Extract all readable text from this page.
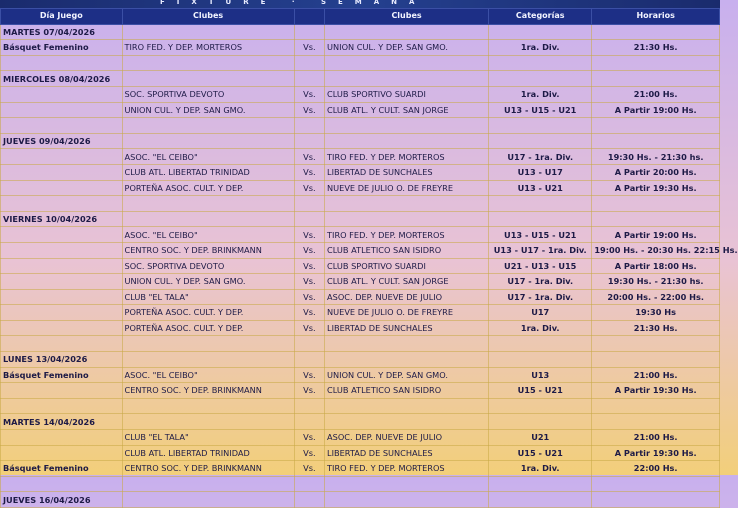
FIXTURE · SEMANA
Día Juego	Clubes		Clubes	Categorías	Horarios
MARTES 07/04/2026					
Básquet Femenino	TIRO FED. Y DEP. MORTEROS	Vs.	UNION CUL. Y DEP. SAN GMO.	1ra. Div.	21:30 Hs.

MIERCOLES 08/04/2026					
	SOC. SPORTIVA DEVOTO	Vs.	CLUB SPORTIVO SUARDI	1ra. Div.	21:00 Hs.
	UNION CUL. Y DEP. SAN GMO.	Vs.	CLUB ATL. Y CULT. SAN JORGE	U13 - U15 - U21	A Partir 19:00 Hs.

JUEVES 09/04/2026					
	ASOC. "EL CEIBO"	Vs.	TIRO FED. Y DEP. MORTEROS	U17 - 1ra. Div.	19:30 Hs. - 21:30 hs.
	CLUB ATL. LIBERTAD TRINIDAD	Vs.	LIBERTAD DE SUNCHALES	U13 - U17	A Partir 20:00 Hs.
	PORTEÑA ASOC. CULT. Y DEP.	Vs.	NUEVE DE JULIO O. DE FREYRE	U13 - U21	A Partir 19:30 Hs.

VIERNES 10/04/2026					
	ASOC. "EL CEIBO"	Vs.	TIRO FED. Y DEP. MORTEROS	U13 - U15 - U21	A Partir 19:00 Hs.
	CENTRO SOC. Y DEP. BRINKMANN	Vs.	CLUB ATLETICO SAN ISIDRO	U13 - U17 - 1ra. Div.	19:00 Hs. - 20:30 Hs. 22:15 Hs.
	SOC. SPORTIVA DEVOTO	Vs.	CLUB SPORTIVO SUARDI	U21 - U13 - U15	A Partir 18:00 Hs.
	UNION CUL. Y DEP. SAN GMO.	Vs.	CLUB ATL. Y CULT. SAN JORGE	U17 - 1ra. Div.	19:30 Hs. - 21:30 hs.
	CLUB "EL TALA"	Vs.	ASOC. DEP. NUEVE DE JULIO	U17 - 1ra. Div.	20:00 Hs. - 22:00 Hs.
	PORTEÑA ASOC. CULT. Y DEP.	Vs.	NUEVE DE JULIO O. DE FREYRE	U17	19:30 Hs
	PORTEÑA ASOC. CULT. Y DEP.	Vs.	LIBERTAD DE SUNCHALES	1ra. Div.	21:30 Hs.

LUNES 13/04/2026					
Básquet Femenino	ASOC. "EL CEIBO"	Vs.	UNION CUL. Y DEP. SAN GMO.	U13	21:00 Hs.
	CENTRO SOC. Y DEP. BRINKMANN	Vs.	CLUB ATLETICO SAN ISIDRO	U15 - U21	A Partir 19:30 Hs.

MARTES 14/04/2026					
	CLUB "EL TALA"	Vs.	ASOC. DEP. NUEVE DE JULIO	U21	21:00 Hs.
	CLUB ATL. LIBERTAD TRINIDAD	Vs.	LIBERTAD DE SUNCHALES	U15 - U21	A Partir 19:30 Hs.
Básquet Femenino	CENTRO SOC. Y DEP. BRINKMANN	Vs.	TIRO FED. Y DEP. MORTEROS	1ra. Div.	22:00 Hs.

JUEVES 16/04/2026					
